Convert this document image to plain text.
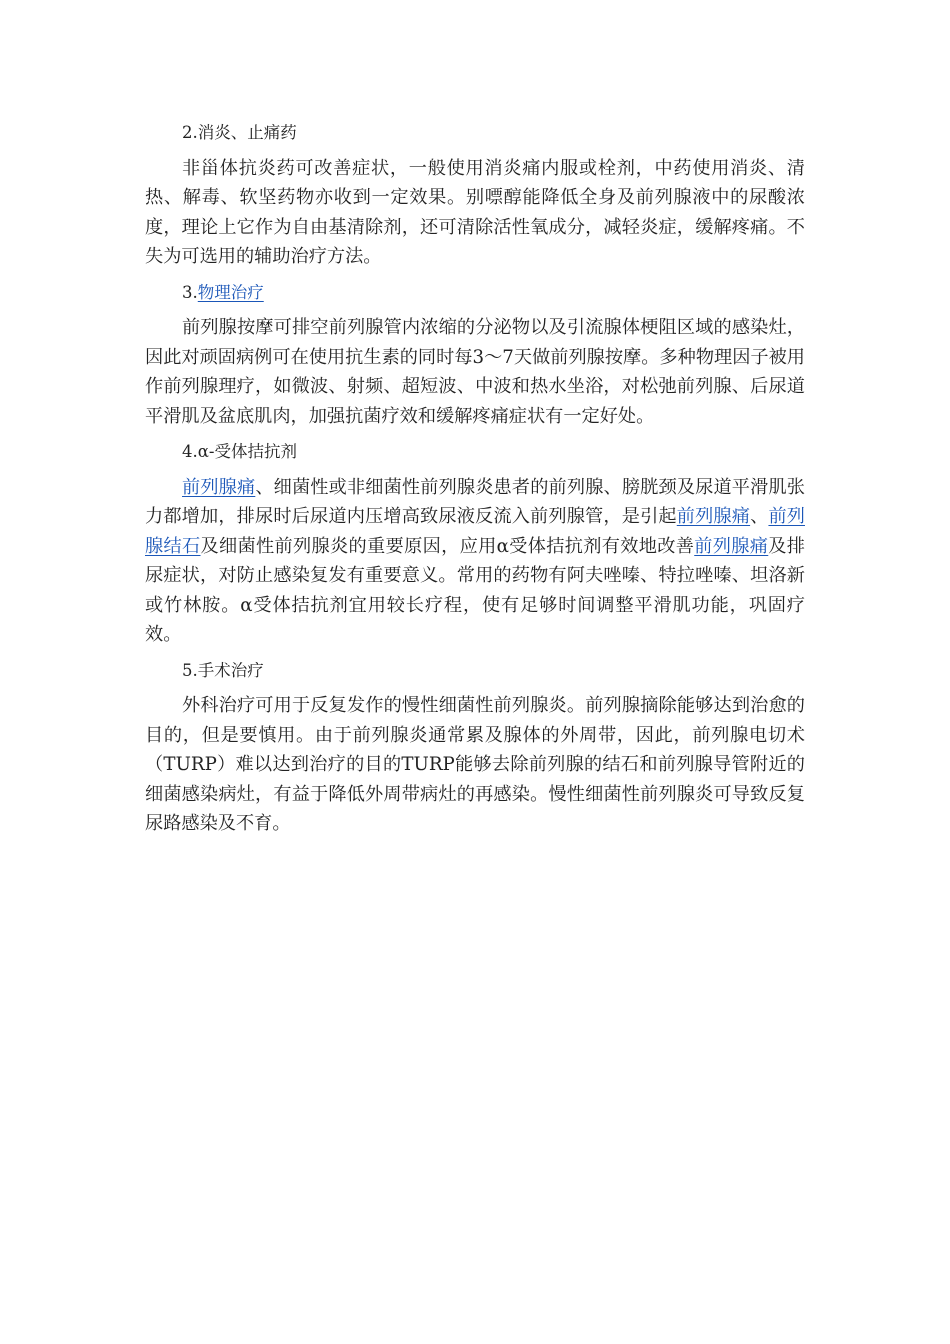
2.消炎、止痛药

非甾体抗炎药可改善症状，一般使用消炎痛内服或栓剂，中药使用消炎、清热、解毒、软坚药物亦收到一定效果。别嘌醇能降低全身及前列腺液中的尿酸浓度，理论上它作为自由基清除剂，还可清除活性氧成分，减轻炎症，缓解疼痛。不失为可选用的辅助治疗方法。

3.物理治疗

前列腺按摩可排空前列腺管内浓缩的分泌物以及引流腺体梗阻区域的感染灶，因此对顽固病例可在使用抗生素的同时每3～7天做前列腺按摩。多种物理因子被用作前列腺理疗，如微波、射频、超短波、中波和热水坐浴，对松弛前列腺、后尿道平滑肌及盆底肌肉，加强抗菌疗效和缓解疼痛症状有一定好处。

4.α-受体拮抗剂

前列腺痛、细菌性或非细菌性前列腺炎患者的前列腺、膀胱颈及尿道平滑肌张力都增加，排尿时后尿道内压增高致尿液反流入前列腺管，是引起前列腺痛、前列腺结石及细菌性前列腺炎的重要原因，应用α受体拮抗剂有效地改善前列腺痛及排尿症状，对防止感染复发有重要意义。常用的药物有阿夫唑嗪、特拉唑嗪、坦洛新或竹林胺。α受体拮抗剂宜用较长疗程，使有足够时间调整平滑肌功能，巩固疗效。

5.手术治疗

外科治疗可用于反复发作的慢性细菌性前列腺炎。前列腺摘除能够达到治愈的目的，但是要慎用。由于前列腺炎通常累及腺体的外周带，因此，前列腺电切术（TURP）难以达到治疗的目的TURP能够去除前列腺的结石和前列腺导管附近的细菌感染病灶，有益于降低外周带病灶的再感染。慢性细菌性前列腺炎可导致反复尿路感染及不育。
